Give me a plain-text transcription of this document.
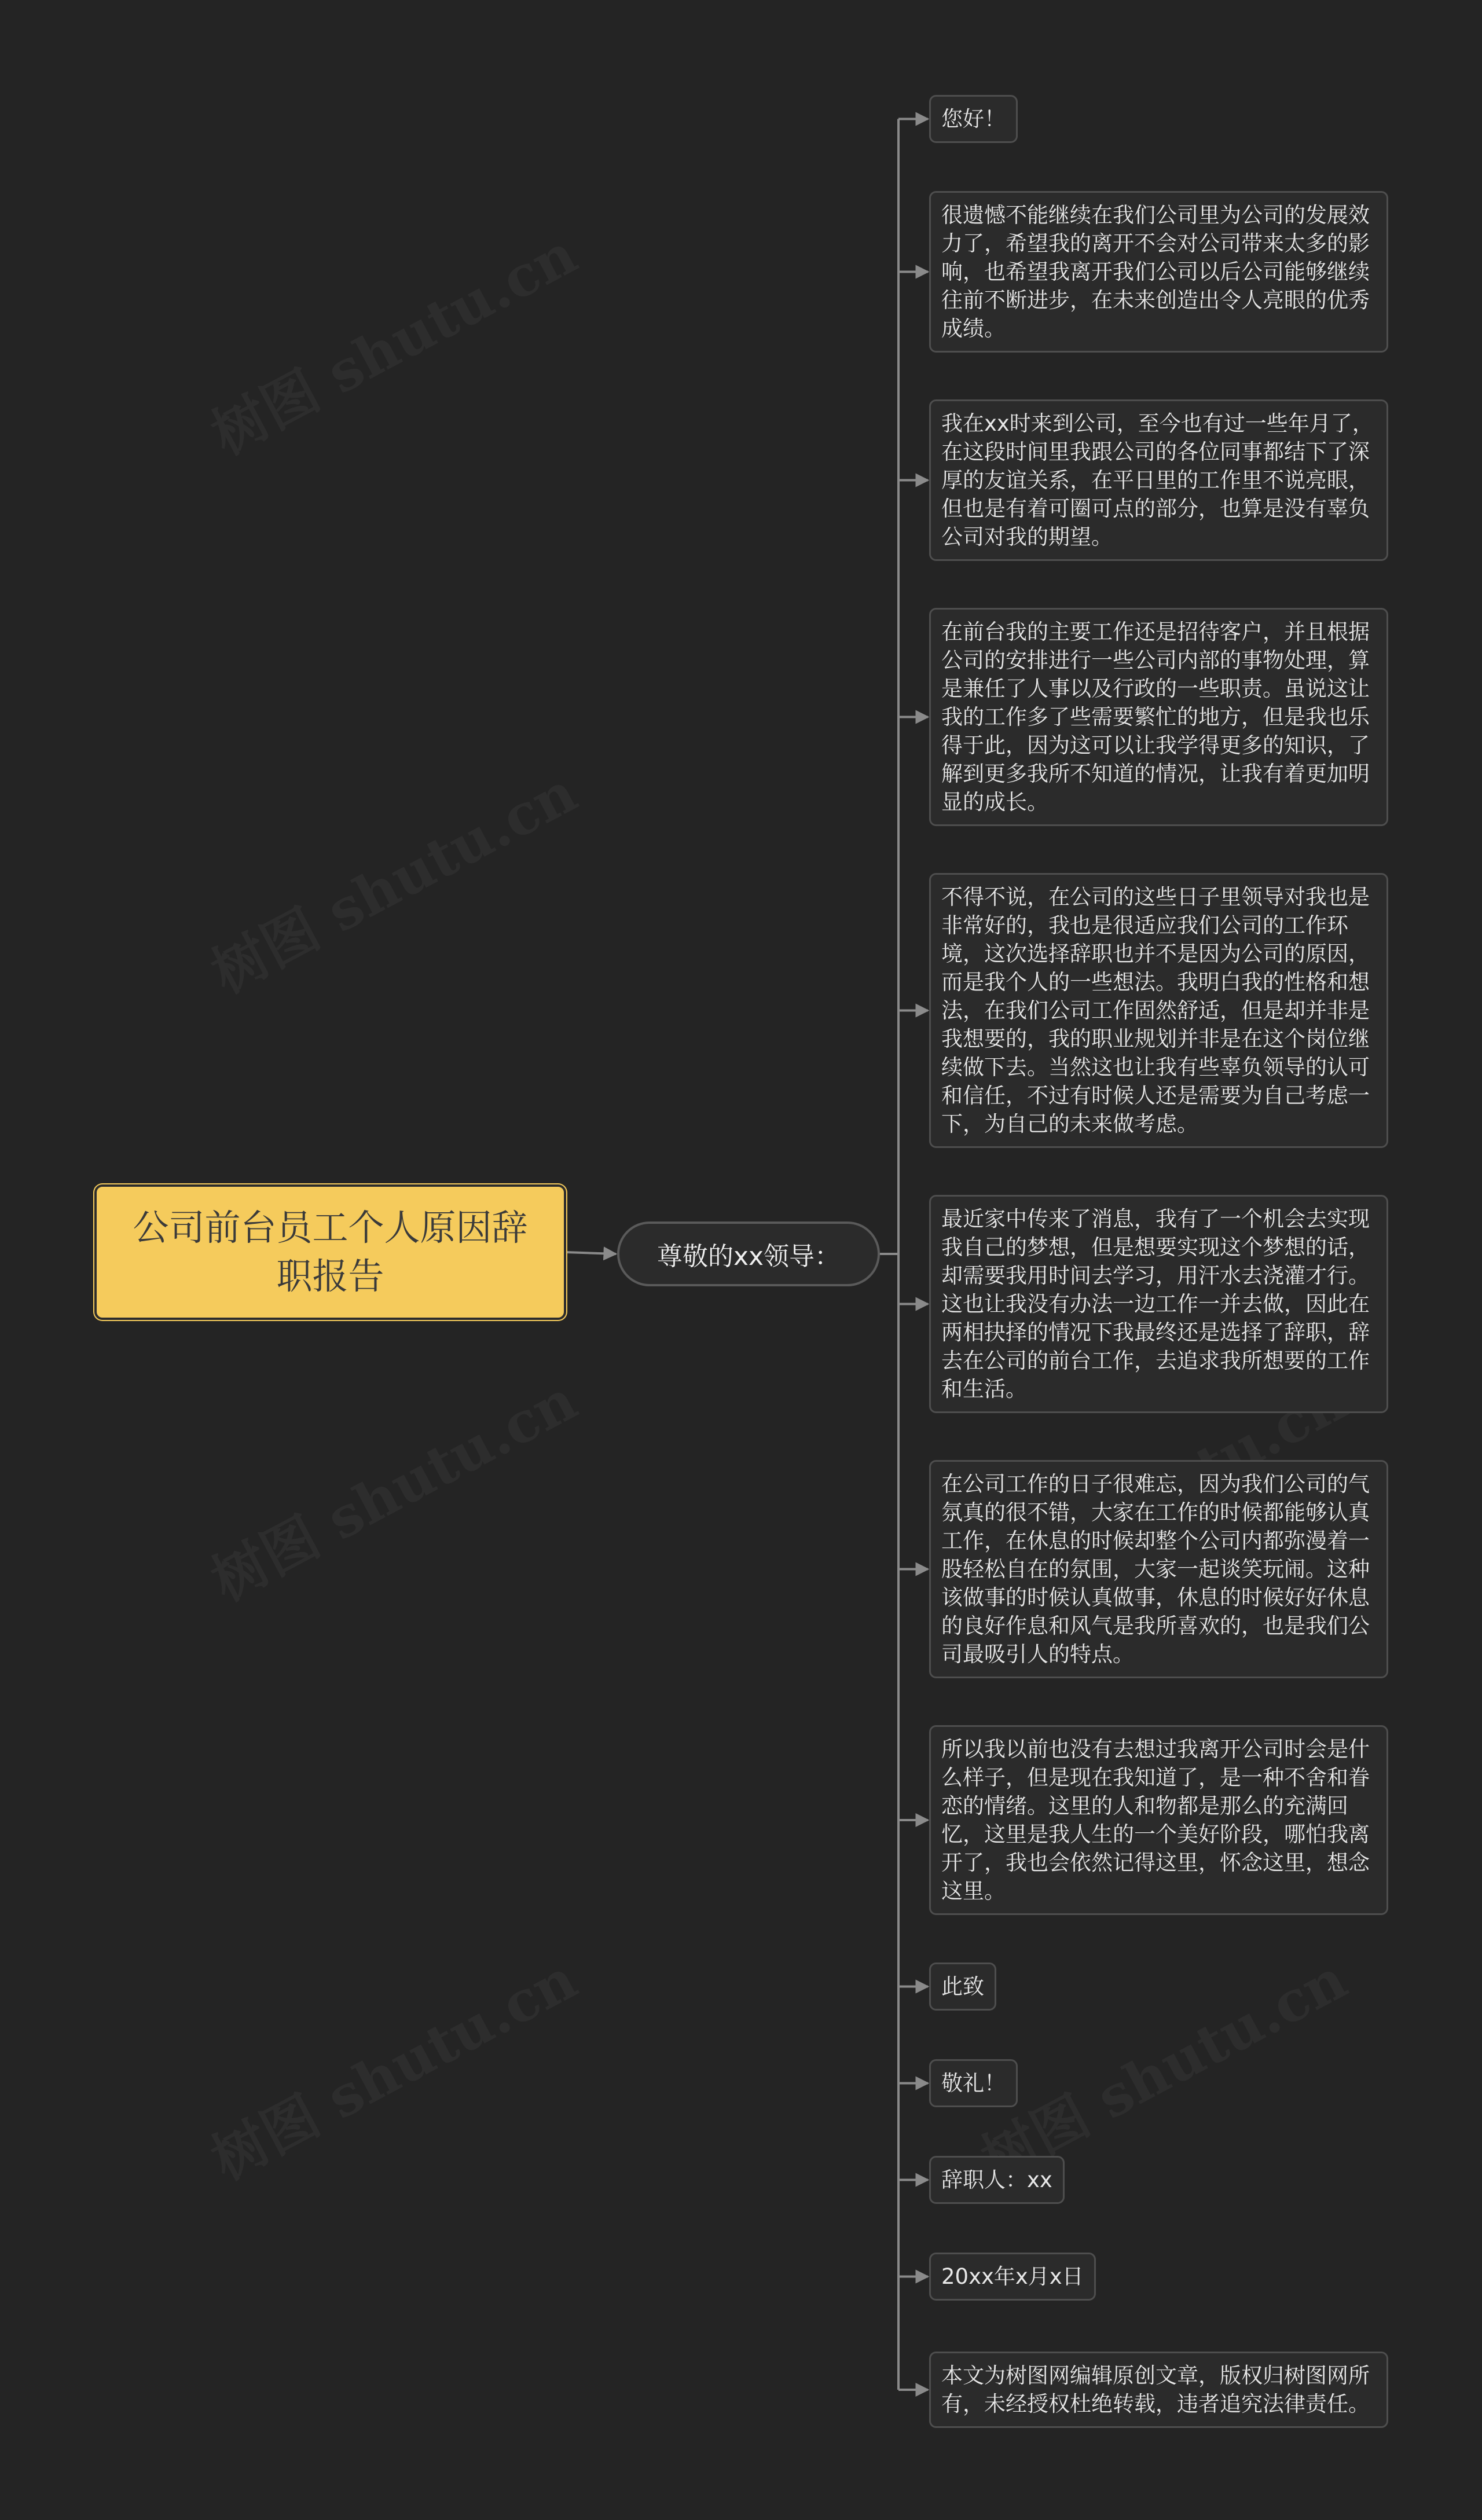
公司前台员工个人原因辞职报告	尊敬的xx领导：
您好！
很遗憾不能继续在我们公司里为公司的发展效力了，希望我的离开不会对公司带来太多的影响，也希望我离开我们公司以后公司能够继续往前不断进步，在未来创造出令人亮眼的优秀成绩。
我在xx时来到公司，至今也有过一些年月了，在这段时间里我跟公司的各位同事都结下了深厚的友谊关系，在平日里的工作里不说亮眼，但也是有着可圈可点的部分，也算是没有辜负公司对我的期望。
在前台我的主要工作还是招待客户，并且根据公司的安排进行一些公司内部的事物处理，算是兼任了人事以及行政的一些职责。虽说这让我的工作多了些需要繁忙的地方，但是我也乐得于此，因为这可以让我学得更多的知识，了解到更多我所不知道的情况，让我有着更加明显的成长。
不得不说，在公司的这些日子里领导对我也是非常好的，我也是很适应我们公司的工作环境，这次选择辞职也并不是因为公司的原因，而是我个人的一些想法。我明白我的性格和想法，在我们公司工作固然舒适，但是却并非是我想要的，我的职业规划并非是在这个岗位继续做下去。当然这也让我有些辜负领导的认可和信任，不过有时候人还是需要为自己考虑一下，为自己的未来做考虑。
最近家中传来了消息，我有了一个机会去实现我自己的梦想，但是想要实现这个梦想的话，却需要我用时间去学习，用汗水去浇灌才行。这也让我没有办法一边工作一并去做，因此在两相抉择的情况下我最终还是选择了辞职，辞去在公司的前台工作，去追求我所想要的工作和生活。
在公司工作的日子很难忘，因为我们公司的气氛真的很不错，大家在工作的时候都能够认真工作，在休息的时候却整个公司内都弥漫着一股轻松自在的氛围，大家一起谈笑玩闹。这种该做事的时候认真做事，休息的时候好好休息的良好作息和风气是我所喜欢的，也是我们公司最吸引人的特点。
所以我以前也没有去想过我离开公司时会是什么样子，但是现在我知道了，是一种不舍和眷恋的情绪。这里的人和物都是那么的充满回忆，这里是我人生的一个美好阶段，哪怕我离开了，我也会依然记得这里，怀念这里，想念这里。
此致
敬礼！
辞职人：xx
20xx年x月x日
本文为树图网编辑原创文章，版权归树图网所有，未经授权杜绝转载，违者追究法律责任。
